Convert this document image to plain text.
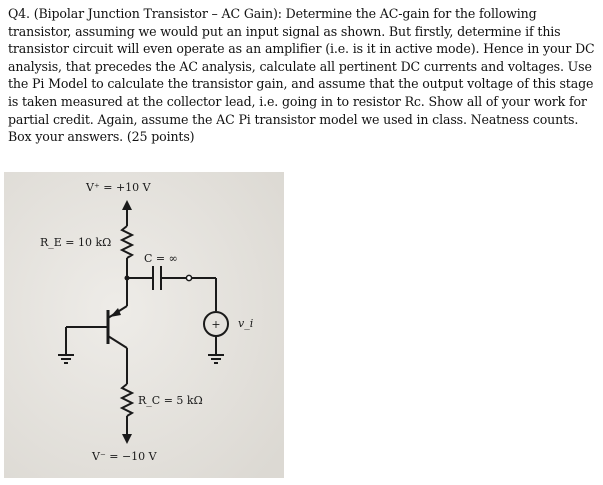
Q4. (Bipolar Junction Transistor – AC Gain): Determine the AC-gain for the following transistor, assuming we would put an input signal as shown. But firstly, determine if this transistor circuit will even operate as an amplifier (i.e. is it in active mode). Hence in your DC analysis, that precedes the AC analysis, calculate all pertinent DC currents and voltages. Use the Pi Model to calculate the transistor gain, and assume that the output voltage of this stage is taken measured at the collector lead, i.e. going in to resistor Rc. Show all of your work for partial credit. Again, assume the AC Pi transistor model we used in class. Neatness counts. Box your answers. (25 points)

V⁺ = +10 V
R_E = 10 kΩ
C = ∞
+ v_i
R_C = 5 kΩ
V⁻ = −10 V
